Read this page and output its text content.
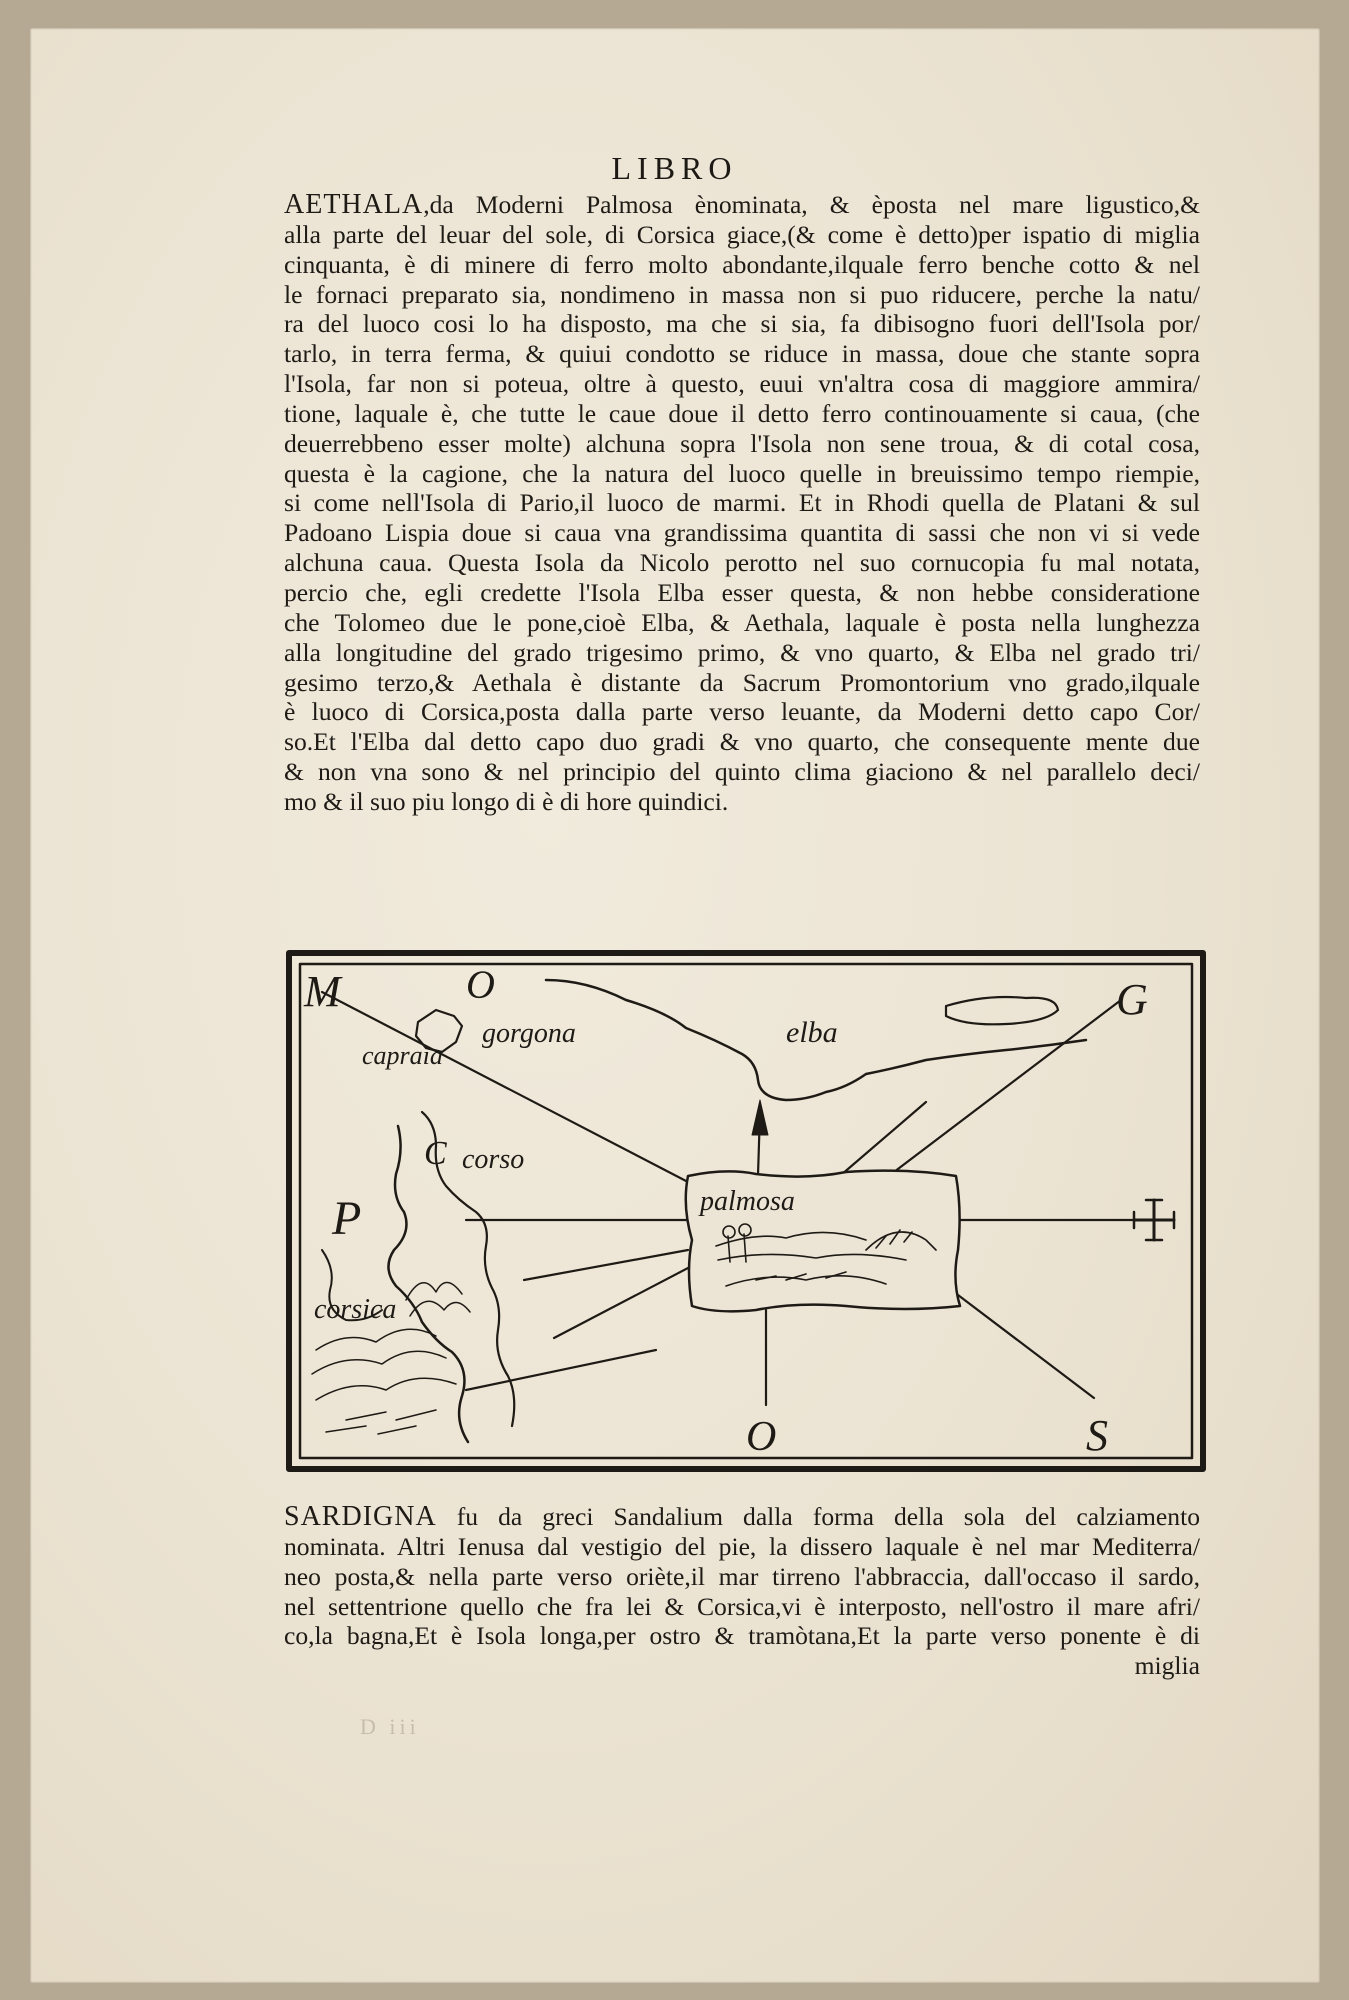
LIBRO
AETHALA,da Moderni Palmosa ènominata, & èposta nel mare ligustico,&
alla parte del leuar del sole, di Corsica giace,(& come è detto)per ispatio di miglia
cinquanta, è di minere di ferro molto abondante,ilquale ferro benche cotto & nel
le fornaci preparato sia, nondimeno in massa non si puo riducere, perche la natu/
ra del luoco cosi lo ha disposto, ma che si sia, fa dibisogno fuori dell'Isola por/
tarlo, in terra ferma, & quiui condotto se riduce in massa, doue che stante sopra
l'Isola, far non si poteua, oltre à questo, euui vn'altra cosa di maggiore ammira/
tione, laquale è, che tutte le caue doue il detto ferro continouamente si caua, (che
deuerrebbeno esser molte) alchuna sopra l'Isola non sene troua, & di cotal cosa,
questa è la cagione, che la natura del luoco quelle in breuissimo tempo riempie,
si come nell'Isola di Pario,il luoco de marmi. Et in Rhodi quella de Platani & sul
Padoano Lispia doue si caua vna grandissima quantita di sassi che non vi si vede
alchuna caua. Questa Isola da Nicolo perotto nel suo cornucopia fu mal notata,
percio che, egli credette l'Isola Elba esser questa, & non hebbe consideratione
che Tolomeo due le pone,cioè Elba, & Aethala, laquale è posta nella lunghezza
alla longitudine del grado trigesimo primo, & vno quarto, & Elba nel grado tri/
gesimo terzo,& Aethala è distante da Sacrum Promontorium vno grado,ilquale
è luoco di Corsica,posta dalla parte verso leuante, da Moderni detto capo Cor/
so.Et l'Elba dal detto capo duo gradi & vno quarto, che consequente mente due
& non vna sono & nel principio del quinto clima giaciono & nel parallelo deci/
mo & il suo piu longo di è di hore quindici.
M	O	G
P
C
O	S
gorgona	elba
capraia
corso
palmosa
corsica
SARDIGNA fu da greci Sandalium dalla forma della sola del calziamento
nominata. Altri Ienusa dal vestigio del pie, la dissero laquale è nel mar Mediterra/
neo posta,& nella parte verso oriète,il mar tirreno l'abbraccia, dall'occaso il sardo,
nel settentrione quello che fra lei & Corsica,vi è interposto, nell'ostro il mare afri/
co,la bagna,Et è Isola longa,per ostro & tramòtana,Et la parte verso ponente è di
miglia
D iii
